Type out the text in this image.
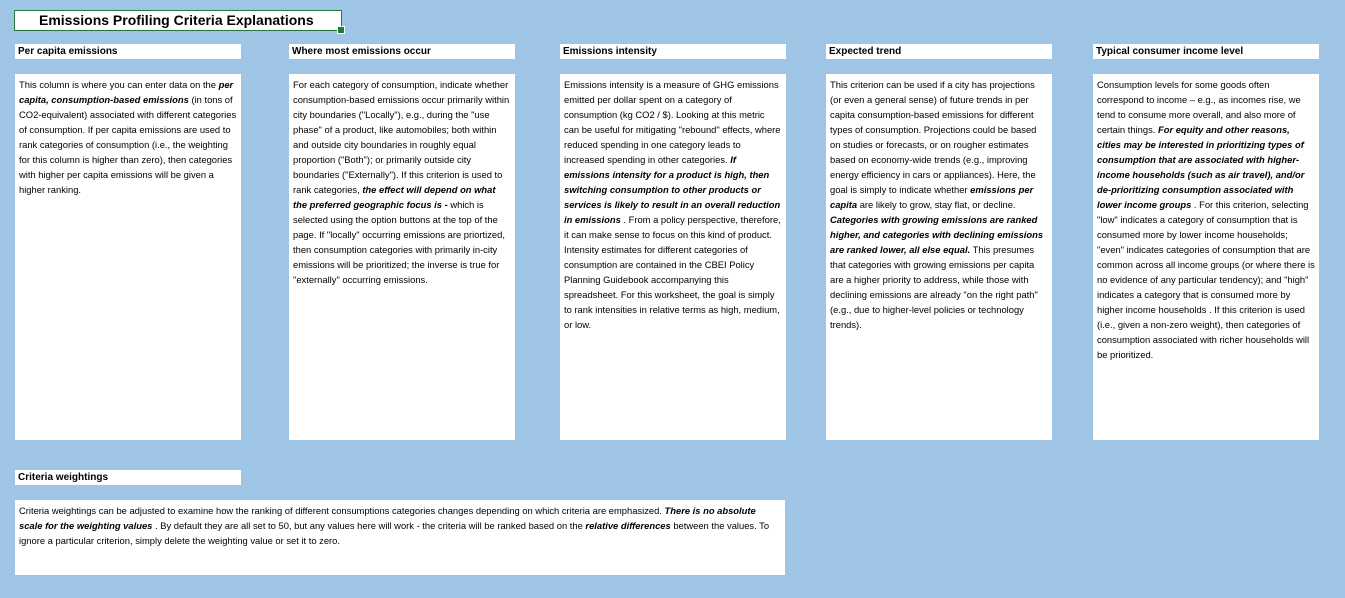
Emissions Profiling Criteria Explanations
Per capita emissions	Where most emissions occur	Emissions intensity	Expected trend	Typical consumer income level

This column is where you can enter data on the per capita, consumption-based emissions (in tons of CO2-equivalent) associated with different categories of consumption. If per capita emissions are used to rank categories of consumption (i.e., the weighting for this column is higher than zero), then categories with higher per capita emissions will be given a higher ranking.

For each category of consumption, indicate whether consumption-based emissions occur primarily within city boundaries ("Locally"), e.g., during the "use phase" of a product, like automobiles; both within and outside city boundaries in roughly equal proportion ("Both"); or primarily outside city boundaries ("Externally"). If this criterion is used to rank categories, the effect will depend on what the preferred geographic focus is - which is selected using the option buttons at the top of the page. If "locally" occurring emissions are priortized, then consumption categories with primarily in-city emissions will be prioritized; the inverse is true for "externally" occurring emissions.

Emissions intensity is a measure of GHG emissions emitted per dollar spent on a category of consumption (kg CO2 / $). Looking at this metric can be useful for mitigating "rebound" effects, where reduced spending in one category leads to increased spending in other categories. If emissions intensity for a product is high, then switching consumption to other products or services is likely to result in an overall reduction in emissions . From a policy perspective, therefore, it can make sense to focus on this kind of product. Intensity estimates for different categories of consumption are contained in the CBEI Policy Planning Guidebook accompanying this spreadsheet. For this worksheet, the goal is simply to rank intensities in relative terms as high, medium, or low.

This criterion can be used if a city has projections (or even a general sense) of future trends in per capita consumption-based emissions for different types of consumption. Projections could be based on studies or forecasts, or on rougher estimates based on economy-wide trends (e.g., improving energy efficiency in cars or appliances). Here, the goal is simply to indicate whether emissions per capita are likely to grow, stay flat, or decline. Categories with growing emissions are ranked higher, and categories with declining emissions are ranked lower, all else equal. This presumes that categories with growing emissions per capita are a higher priority to address, while those with declining emissions are already "on the right path" (e.g., due to higher-level policies or technology trends).

Consumption levels for some goods often correspond to income – e.g., as incomes rise, we tend to consume more overall, and also more of certain things. For equity and other reasons, cities may be interested in prioritizing types of consumption that are associated with higher-income households (such as air travel), and/or de-prioritizing consumption associated with lower income groups . For this criterion, selecting "low" indicates a category of consumption that is consumed more by lower income households; "even" indicates categories of consumption that are common across all income groups (or where there is no evidence of any particular tendency); and "high" indicates a category that is consumed more by higher income households . If this criterion is used (i.e., given a non-zero weight), then categories of consumption associated with richer households will be prioritized.

Criteria weightings

Criteria weightings can be adjusted to examine how the ranking of different consumptions categories changes depending on which criteria are emphasized. There is no absolute scale for the weighting values . By default they are all set to 50, but any values here will work - the criteria will be ranked based on the relative differences between the values. To ignore a particular criterion, simply delete the weighting value or set it to zero.
